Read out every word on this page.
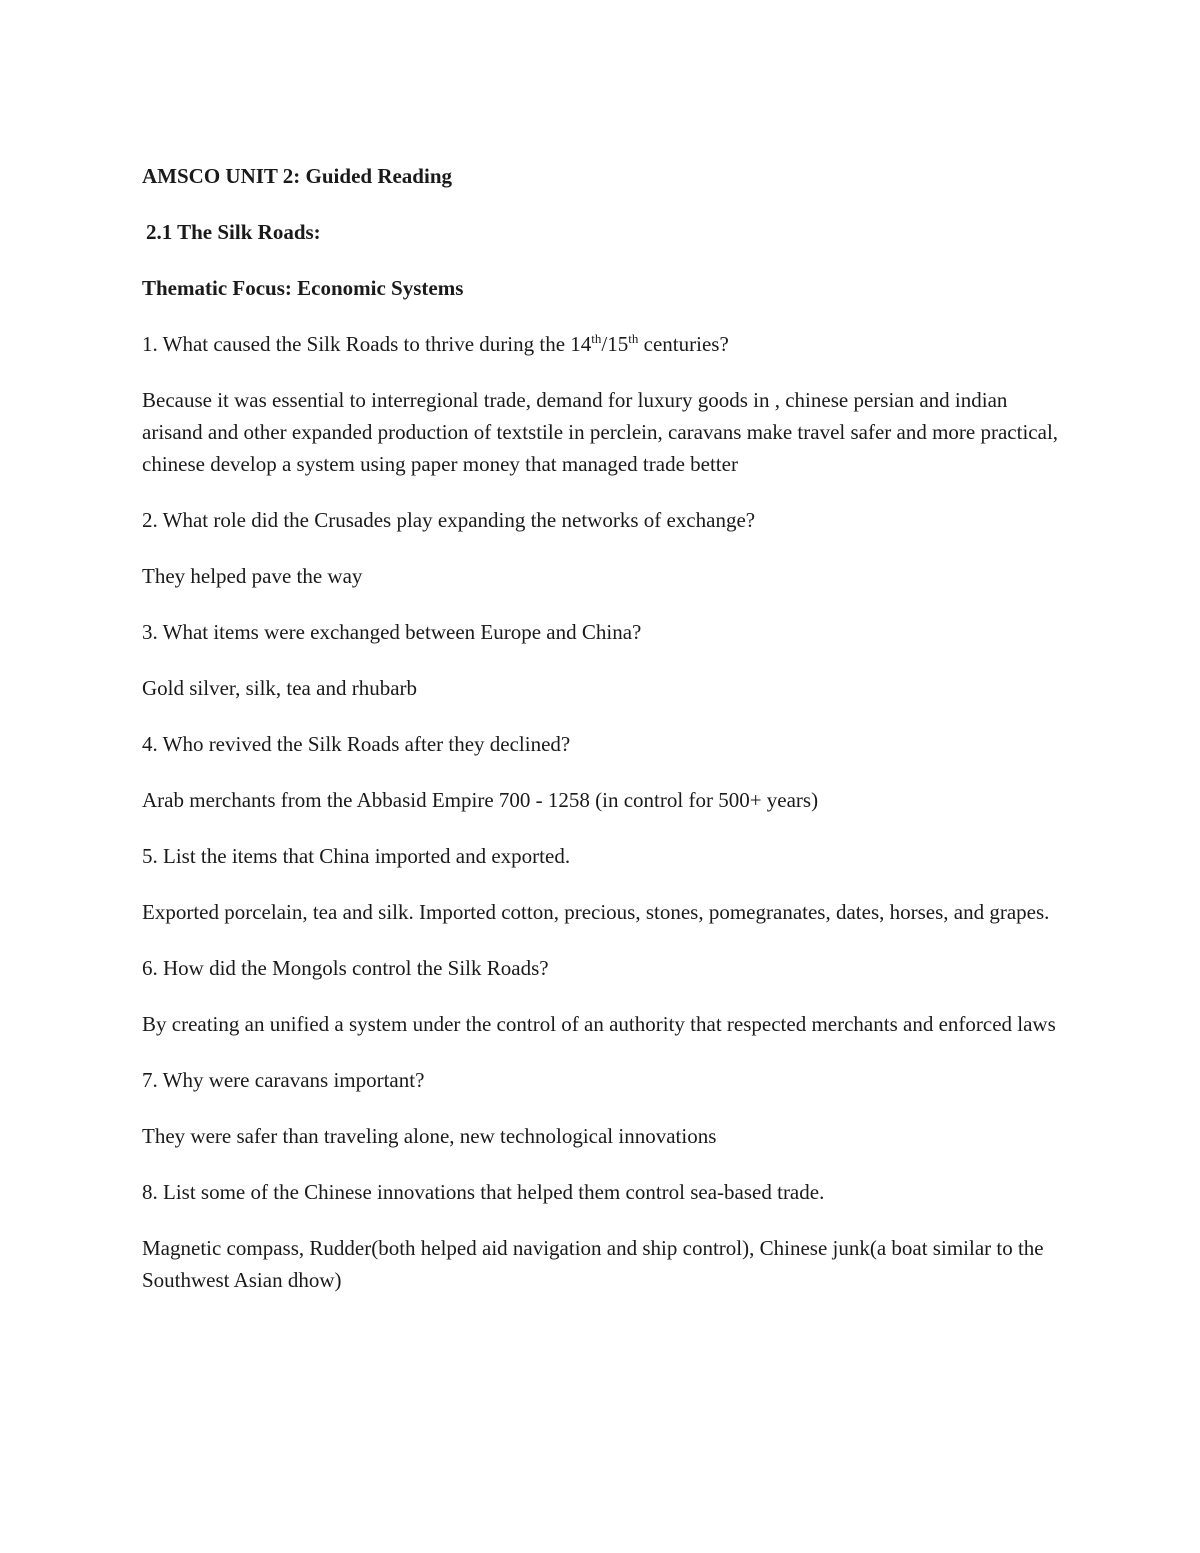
AMSCO UNIT 2: Guided Reading

2.1 The Silk Roads:

Thematic Focus: Economic Systems

1. What caused the Silk Roads to thrive during the 14th/15th centuries?

Because it was essential to interregional trade, demand for luxury goods in , chinese persian and indian arisand and other expanded production of textstile in perclein, caravans make travel safer and more practical, chinese develop a system using paper money that managed trade better

2. What role did the Crusades play expanding the networks of exchange?

They helped pave the way

3. What items were exchanged between Europe and China?

Gold silver, silk, tea and rhubarb

4. Who revived the Silk Roads after they declined?

Arab merchants from the Abbasid Empire 700 - 1258 (in control for 500+ years)

5. List the items that China imported and exported.

Exported porcelain, tea and silk. Imported cotton, precious, stones, pomegranates, dates, horses, and grapes.

6. How did the Mongols control the Silk Roads?

By creating an unified a system under the control of an authority that respected merchants and enforced laws

7. Why were caravans important?

They were safer than traveling alone, new technological innovations

8. List some of the Chinese innovations that helped them control sea-based trade.

Magnetic compass, Rudder(both helped aid navigation and ship control), Chinese junk(a boat similar to the Southwest Asian dhow)
